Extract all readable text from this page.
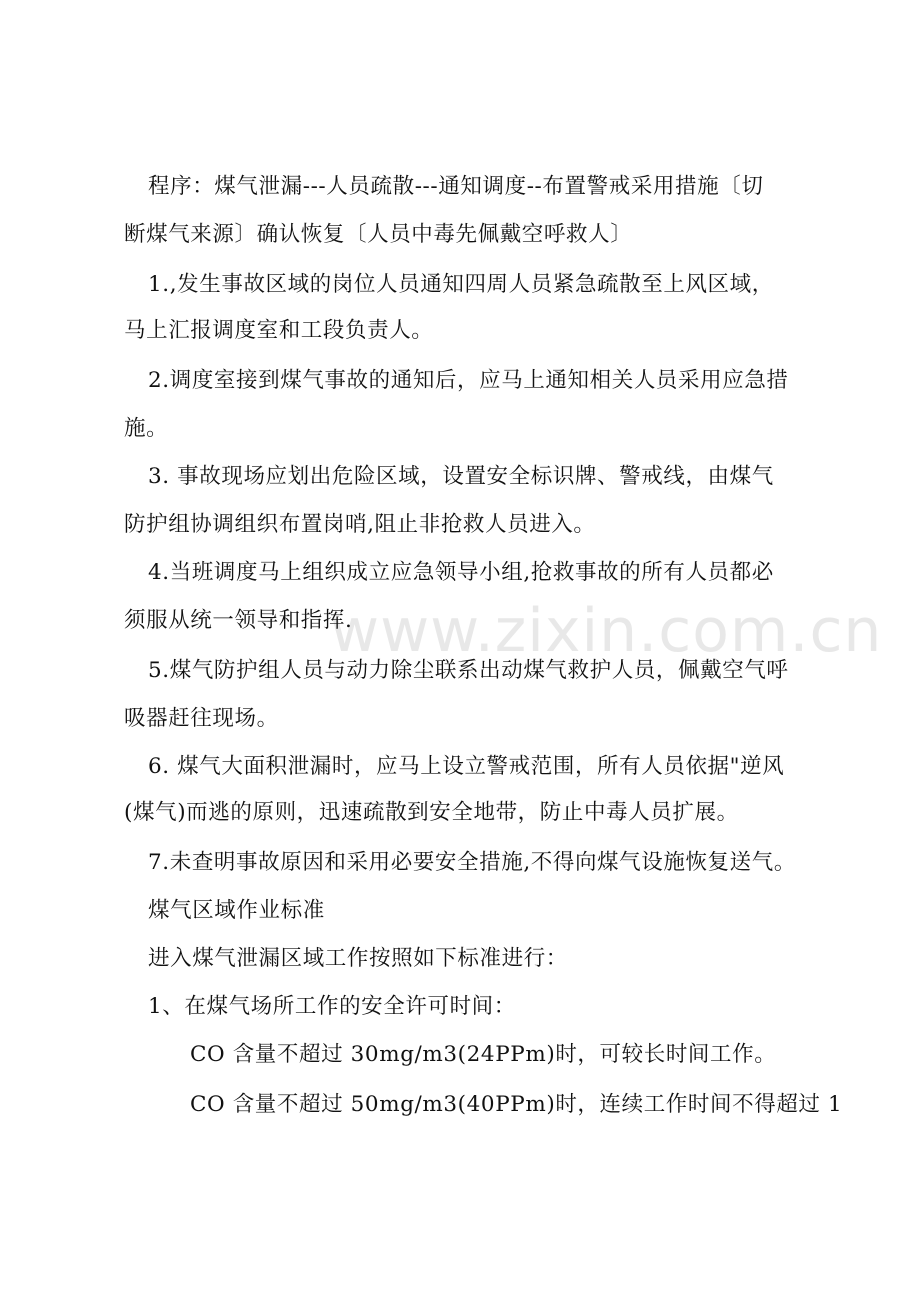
www.zixin.com.cn
程序：煤气泄漏---人员疏散---通知调度--布置警戒采用措施〔切
断煤气来源〕确认恢复〔人员中毒先佩戴空呼救人〕
1.,发生事故区域的岗位人员通知四周人员紧急疏散至上风区域，
马上汇报调度室和工段负责人。
2.调度室接到煤气事故的通知后，应马上通知相关人员采用应急措
施。
3. 事故现场应划出危险区域，设置安全标识牌、警戒线，由煤气
防护组协调组织布置岗哨,阻止非抢救人员进入。
4.当班调度马上组织成立应急领导小组,抢救事故的所有人员都必
须服从统一领导和指挥.
5.煤气防护组人员与动力除尘联系出动煤气救护人员，佩戴空气呼
吸器赶往现场。
6. 煤气大面积泄漏时，应马上设立警戒范围，所有人员依据"逆风
(煤气)而逃的原则，迅速疏散到安全地带，防止中毒人员扩展。
7.未查明事故原因和采用必要安全措施,不得向煤气设施恢复送气。
煤气区域作业标准
进入煤气泄漏区域工作按照如下标准进行：
1、在煤气场所工作的安全许可时间：
CO 含量不超过 30mg/m3(24PPm)时，可较长时间工作。
CO 含量不超过 50mg/m3(40PPm)时，连续工作时间不得超过 1
